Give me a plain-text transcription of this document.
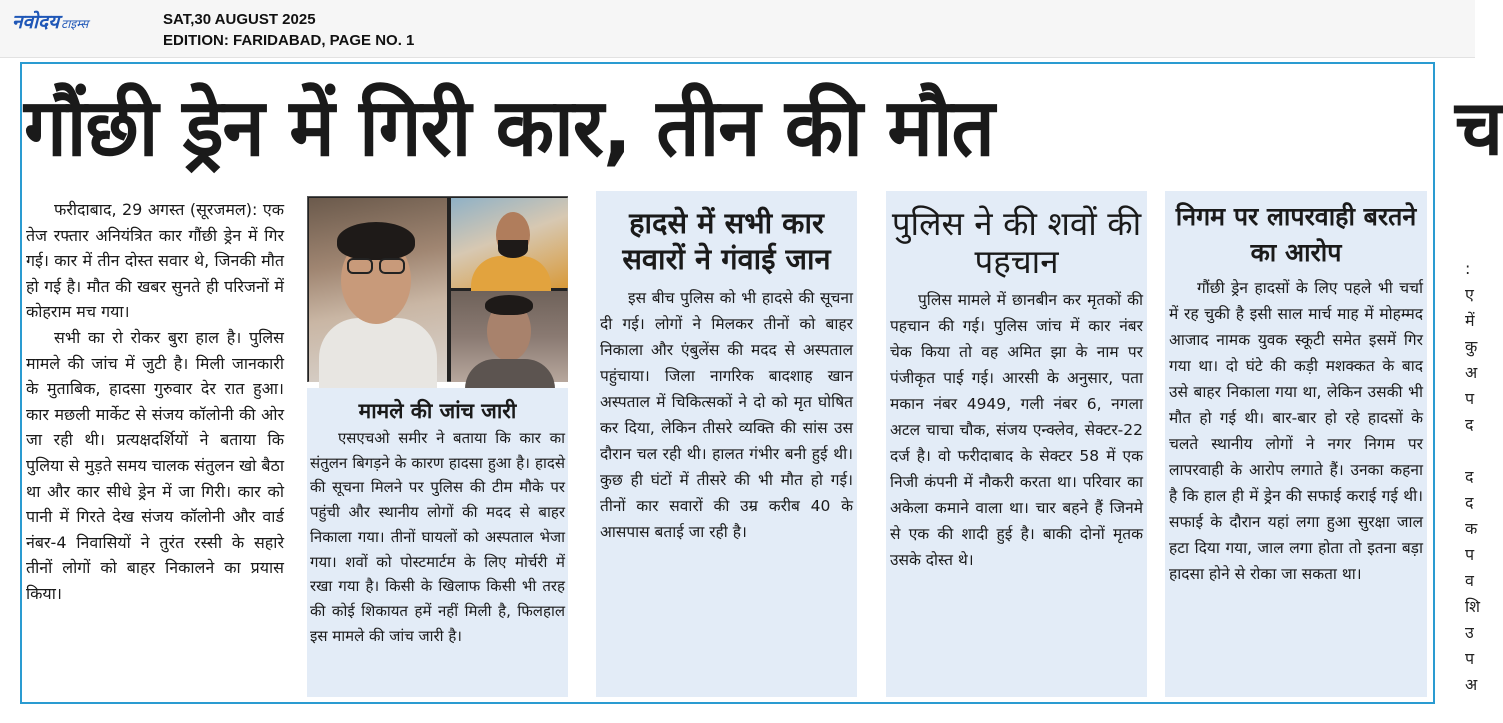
नवोदय टाइम्स	SAT,30 AUGUST 2025
EDITION: FARIDABAD, PAGE NO. 1
गौंछी ड्रेन में गिरी कार, तीन की मौत

फरीदाबाद, 29 अगस्त (सूरजमल): एक तेज रफ्तार अनियंत्रित कार गौंछी ड्रेन में गिर गई। कार में तीन दोस्त सवार थे, जिनकी मौत हो गई है। मौत की खबर सुनते ही परिजनों में कोहराम मच गया।

सभी का रो रोकर बुरा हाल है। पुलिस मामले की जांच में जुटी है। मिली जानकारी के मुताबिक, हादसा गुरुवार देर रात हुआ। कार मछली मार्केट से संजय कॉलोनी की ओर जा रही थी। प्रत्यक्षदर्शियों ने बताया कि पुलिया से मुड़ते समय चालक संतुलन खो बैठा था और कार सीधे ड्रेन में जा गिरी। कार को पानी में गिरते देख संजय कॉलोनी और वार्ड नंबर-4 निवासियों ने तुरंत रस्सी के सहारे तीनों लोगों को बाहर निकालने का प्रयास किया।

मामले की जांच जारी

एसएचओ समीर ने बताया कि कार का संतुलन बिगड़ने के कारण हादसा हुआ है। हादसे की सूचना मिलने पर पुलिस की टीम मौके पर पहुंची और स्थानीय लोगों की मदद से बाहर निकाला गया। तीनों घायलों को अस्पताल भेजा गया। शवों को पोस्टमार्टम के लिए मोर्चरी में रखा गया है। किसी के खिलाफ किसी भी तरह की कोई शिकायत हमें नहीं मिली है, फिलहाल इस मामले की जांच जारी है।

हादसे में सभी कार सवारों ने गंवाई जान

इस बीच पुलिस को भी हादसे की सूचना दी गई। लोगों ने मिलकर तीनों को बाहर निकाला और एंबुलेंस की मदद से अस्पताल पहुंचाया। जिला नागरिक बादशाह खान अस्पताल में चिकित्सकों ने दो को मृत घोषित कर दिया, लेकिन तीसरे व्यक्ति की सांस उस दौरान चल रही थी। हालत गंभीर बनी हुई थी। कुछ ही घंटों में तीसरे की भी मौत हो गई। तीनों कार सवारों की उम्र करीब 40 के आसपास बताई जा रही है।

पुलिस ने की शवों की पहचान

पुलिस मामले में छानबीन कर मृतकों की पहचान की गई। पुलिस जांच में कार नंबर चेक किया तो वह अमित झा के नाम पर पंजीकृत पाई गई। आरसी के अनुसार, पता मकान नंबर 4949, गली नंबर 6, नगला अटल चाचा चौक, संजय एन्क्लेव, सेक्टर-22 दर्ज है। वो फरीदाबाद के सेक्टर 58 में एक निजी कंपनी में नौकरी करता था। परिवार का अकेला कमाने वाला था। चार बहने हैं जिनमे से एक की शादी हुई है। बाकी दोनों मृतक उसके दोस्त थे।

निगम पर लापरवाही बरतने का आरोप

गौंछी ड्रेन हादसों के लिए पहले भी चर्चा में रह चुकी है इसी साल मार्च माह में मोहम्मद आजाद नामक युवक स्कूटी समेत इसमें गिर गया था। दो घंटे की कड़ी मशक्कत के बाद उसे बाहर निकाला गया था, लेकिन उसकी भी मौत हो गई थी। बार-बार हो रहे हादसों के चलते स्थानीय लोगों ने नगर निगम पर लापरवाही के आरोप लगाते हैं। उनका कहना है कि हाल ही में ड्रेन की सफाई कराई गई थी। सफाई के दौरान यहां लगा हुआ सुरक्षा जाल हटा दिया गया, जाल लगा होता तो इतना बड़ा हादसा होने से रोका जा सकता था।

च
:
ए
में
कु
अ
प
द

द
द
क
प
व
शि
उ
प
अ
